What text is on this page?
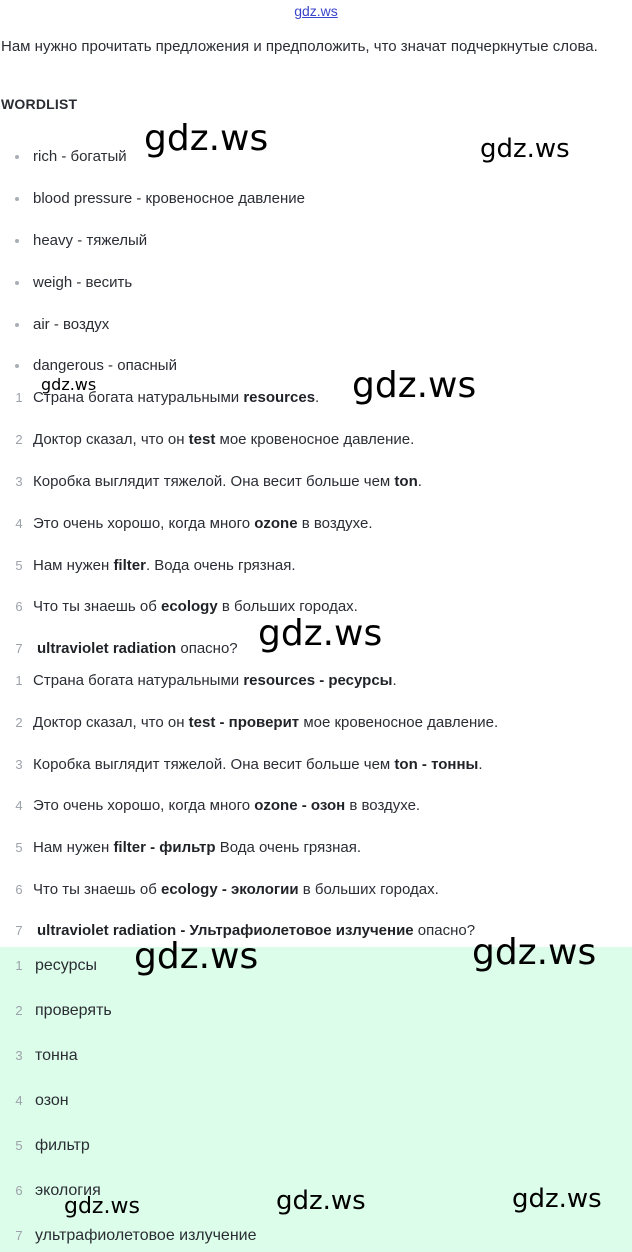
gdz.ws
Нам нужно прочитать предложения и предположить, что значат подчеркнутые слова.
WORDLIST
rich - богатый
blood pressure - кровеносное давление
heavy - тяжелый
weigh - весить
air - воздух
dangerous - опасный
1 Страна богата натуральными resources.
2 Доктор сказал, что он test мое кровеносное давление.
3 Коробка выглядит тяжелой. Она весит больше чем ton.
4 Это очень хорошо, когда много ozone в воздухе.
5 Нам нужен filter. Вода очень грязная.
6 Что ты знаешь об ecology в больших городах.
7 ultraviolet radiation опасно?
1 Страна богата натуральными resources - ресурсы.
2 Доктор сказал, что он test - проверит мое кровеносное давление.
3 Коробка выглядит тяжелой. Она весит больше чем ton - тонны.
4 Это очень хорошо, когда много ozone - озон в воздухе.
5 Нам нужен filter - фильтр Вода очень грязная.
6 Что ты знаешь об ecology - экологии в больших городах.
7 ultraviolet radiation - Ультрафиолетовое излучение опасно?
1 ресурсы
2 проверять
3 тонна
4 озон
5 фильтр
6 экология
7 ультрафиолетовое излучение
gdz.ws	gdz.ws
gdz.ws
gdz.ws
gdz.ws
gdz.ws	gdz.ws
gdz.ws
gdz.ws
gdz.ws
